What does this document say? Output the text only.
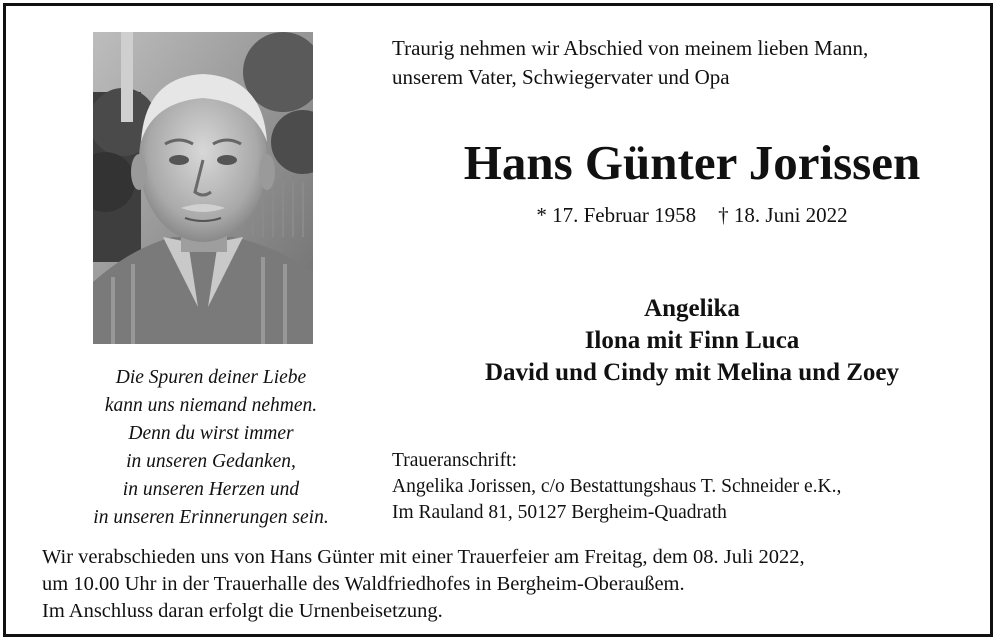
Die Spuren deiner Liebe
kann uns niemand nehmen.
Denn du wirst immer
in unseren Gedanken,
in unseren Herzen und
in unseren Erinnerungen sein.
Traurig nehmen wir Abschied von meinem lieben Mann,
unserem Vater, Schwiegervater und Opa
Hans Günter Jorissen
* 17. Februar 1958 † 18. Juni 2022
Angelika
Ilona mit Finn Luca
David und Cindy mit Melina und Zoey
Traueranschrift:
Angelika Jorissen, c/o Bestattungshaus T. Schneider e.K.,
Im Rauland 81, 50127 Bergheim-Quadrath
Wir verabschieden uns von Hans Günter mit einer Trauerfeier am Freitag, dem 08. Juli 2022,
um 10.00 Uhr in der Trauerhalle des Waldfriedhofes in Bergheim-Oberaußem.
Im Anschluss daran erfolgt die Urnenbeisetzung.
